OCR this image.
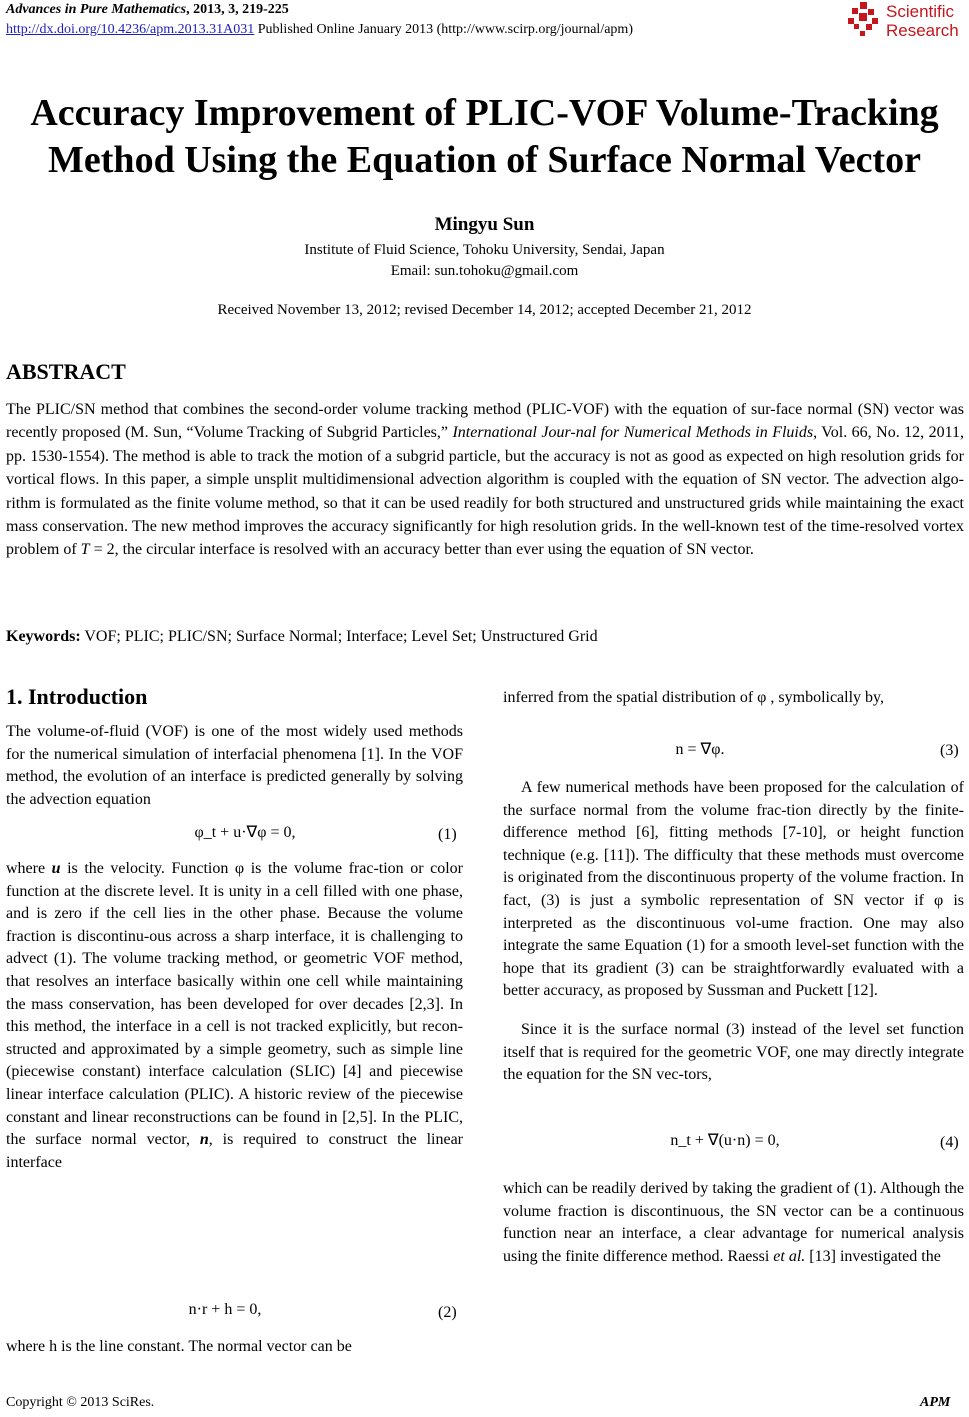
Advances in Pure Mathematics, 2013, 3, 219-225
http://dx.doi.org/10.4236/apm.2013.31A031 Published Online January 2013 (http://www.scirp.org/journal/apm)
Scientific
Research
Accuracy Improvement of PLIC-VOF Volume-Tracking
Method Using the Equation of Surface Normal Vector
Mingyu Sun
Institute of Fluid Science, Tohoku University, Sendai, Japan
Email: sun.tohoku@gmail.com
Received November 13, 2012; revised December 14, 2012; accepted December 21, 2012
ABSTRACT
The PLIC/SN method that combines the second-order volume tracking method (PLIC-VOF) with the equation of sur-face normal (SN) vector was recently proposed (M. Sun, “Volume Tracking of Subgrid Particles,” International Jour-nal for Numerical Methods in Fluids, Vol. 66, No. 12, 2011, pp. 1530-1554). The method is able to track the motion of a subgrid particle, but the accuracy is not as good as expected on high resolution grids for vortical flows. In this paper, a simple unsplit multidimensional advection algorithm is coupled with the equation of SN vector. The advection algo-rithm is formulated as the finite volume method, so that it can be used readily for both structured and unstructured grids while maintaining the exact mass conservation. The new method improves the accuracy significantly for high resolution grids. In the well-known test of the time-resolved vortex problem of T = 2, the circular interface is resolved with an accuracy better than ever using the equation of SN vector.
Keywords: VOF; PLIC; PLIC/SN; Surface Normal; Interface; Level Set; Unstructured Grid
1. Introduction

The volume-of-fluid (VOF) is one of the most widely used methods for the numerical simulation of interfacial phenomena [1]. In the VOF method, the evolution of an interface is predicted generally by solving the advection equation

φ_t + u·∇φ = 0,	(1)

where u is the velocity. Function φ is the volume frac-tion or color function at the discrete level. It is unity in a cell filled with one phase, and is zero if the cell lies in the other phase. Because the volume fraction is discontinu-ous across a sharp interface, it is challenging to advect (1). The volume tracking method, or geometric VOF method, that resolves an interface basically within one cell while maintaining the mass conservation, has been developed for over decades [2,3]. In this method, the interface in a cell is not tracked explicitly, but recon-structed and approximated by a simple geometry, such as simple line (piecewise constant) interface calculation (SLIC) [4] and piecewise linear interface calculation (PLIC). A historic review of the piecewise constant and linear reconstructions can be found in [2,5]. In the PLIC, the surface normal vector, n, is required to construct the linear interface

n·r + h = 0,	(2)

where h is the line constant. The normal vector can be

inferred from the spatial distribution of φ , symbolically by,

n = ∇φ.	(3)

A few numerical methods have been proposed for the calculation of the surface normal from the volume frac-tion directly by the finite-difference method [6], fitting methods [7-10], or height function technique (e.g. [11]). The difficulty that these methods must overcome is originated from the discontinuous property of the volume fraction. In fact, (3) is just a symbolic representation of SN vector if φ is interpreted as the discontinuous vol-ume fraction. One may also integrate the same Equation (1) for a smooth level-set function with the hope that its gradient (3) can be straightforwardly evaluated with a better accuracy, as proposed by Sussman and Puckett [12].

Since it is the surface normal (3) instead of the level set function itself that is required for the geometric VOF, one may directly integrate the equation for the SN vec-tors,

n_t + ∇(u·n) = 0,	(4)

which can be readily derived by taking the gradient of (1). Although the volume fraction is discontinuous, the SN vector can be a continuous function near an interface, a clear advantage for numerical analysis using the finite difference method. Raessi et al. [13] investigated the

Copyright © 2013 SciRes.	APM
